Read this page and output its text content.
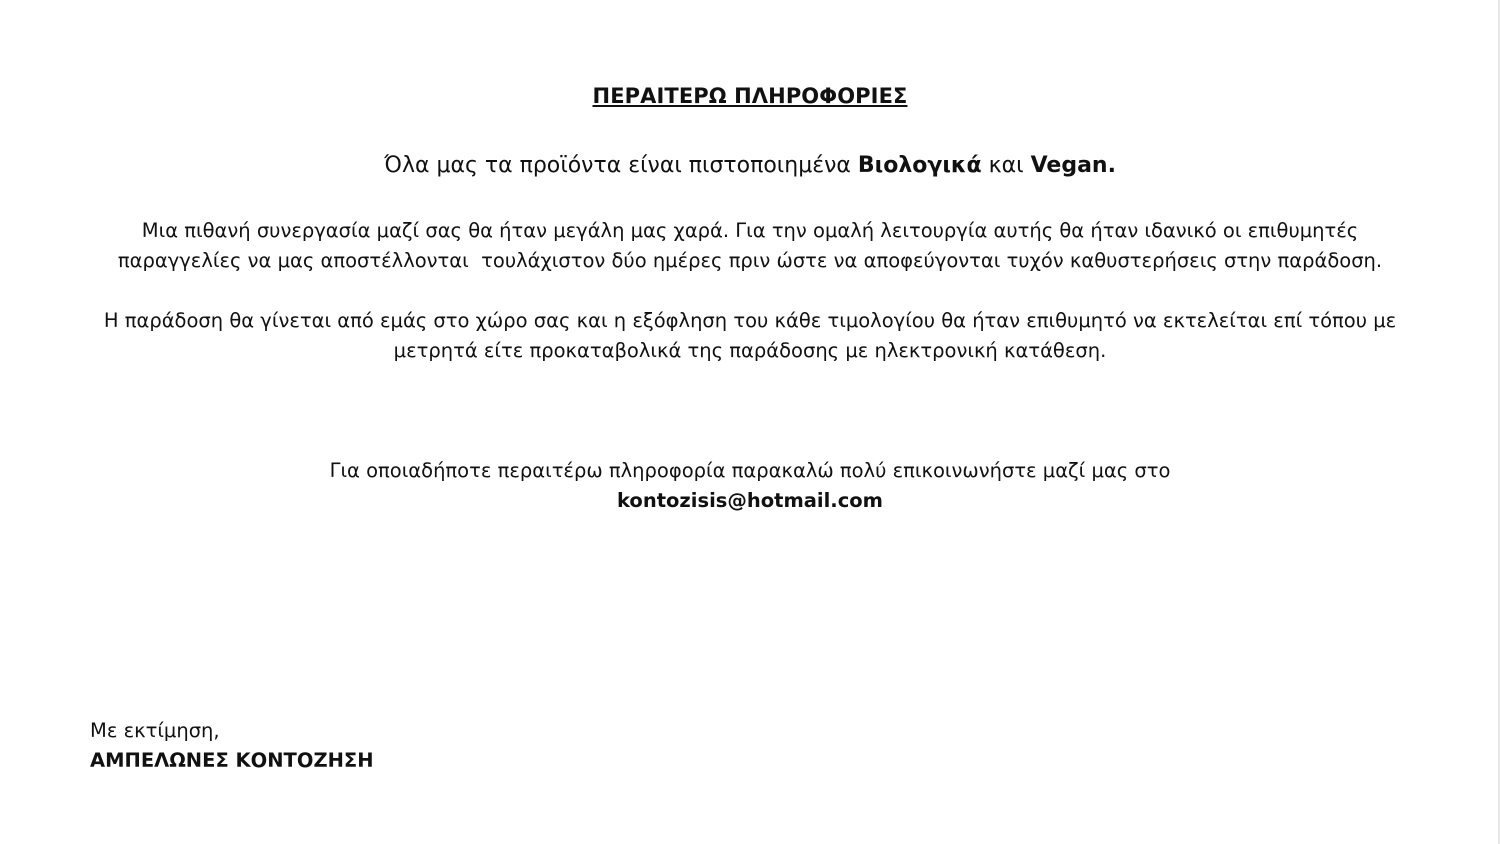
ΠΕΡΑΙΤΕΡΩ ΠΛΗΡΟΦΟΡΙΕΣ
Όλα μας τα προϊόντα είναι πιστοποιημένα Βιολογικά και Vegan.
Μια πιθανή συνεργασία μαζί σας θα ήταν μεγάλη μας χαρά. Για την ομαλή λειτουργία αυτής θα ήταν ιδανικό οι επιθυμητές
παραγγελίες να μας αποστέλλονται  τουλάχιστον δύο ημέρες πριν ώστε να αποφεύγονται τυχόν καθυστερήσεις στην παράδοση.
Η παράδοση θα γίνεται από εμάς στο χώρο σας και η εξόφληση του κάθε τιμολογίου θα ήταν επιθυμητό να εκτελείται επί τόπου με
μετρητά είτε προκαταβολικά της παράδοσης με ηλεκτρονική κατάθεση.
Για οποιαδήποτε περαιτέρω πληροφορία παρακαλώ πολύ επικοινωνήστε μαζί μας στο
kontozisis@hotmail.com
Με εκτίμηση,
ΑΜΠΕΛΩΝΕΣ ΚΟΝΤΟΖΗΣΗ
